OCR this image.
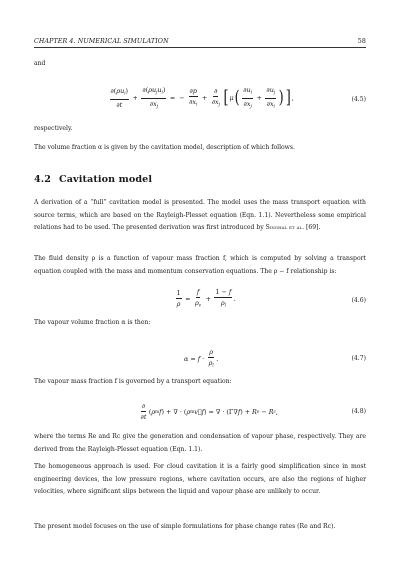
CHAPTER 4. NUMERICAL SIMULATION	58
and
$\frac{\partial(\rho u_i)}{\partial t} + \frac{\partial(\rho u_ju_i)}{\partial x_j}$ = − $\frac{\partial p}{\partial x_i} + \frac{\partial}{\partial x_j}$ [ μ ( $\frac{\partial u_i}{\partial x_j} + \frac{\partial u_j}{\partial x_i}$ ) ] ,	(4.5)
respectively.
The volume fraction α is given by the cavitation model, description of which follows.
4.2 Cavitation model
A derivation of a “full” cavitation model is presented. The model uses the mass transport equation with source terms, which are based on the Rayleigh-Plesset equation (Eqn. 1.1). Nevertheless some empirical relations had to be used. The presented derivation was first introduced by Singhal et al. [69].
The fluid density ρ is a function of vapour mass fraction f, which is computed by solving a transport equation coupled with the mass and momentum conservation equations. The ρ − f relationship is:
$\frac{1}{\rho} = \frac{f}{\rho_v} + \frac{1 - f}{\rho_l}$ .	(4.6)
The vapour volume fraction α is then:
$\alpha = f \cdot \frac{\rho}{\rho_l}$ .	(4.7)
The vapour mass fraction f is governed by a transport equation:
$\frac{\partial}{\partial t}$ ( ρ m f ) + ∇ · ( ρ m v⃗f ) = ∇ · (Γ∇ f ) + R e − R c ,	(4.8)
where the terms Re and Rc give the generation and condensation of vapour phase, respectively. They are derived from the Rayleigh-Plesset equation (Eqn. 1.1).
The homogeneous approach is used. For cloud cavitation it is a fairly good simplification since in most engineering devices, the low pressure regions, where cavitation occurs, are also the regions of higher velocities, where significant slips between the liquid and vapour phase are unlikely to occur.
The present model focuses on the use of simple formulations for phase change rates (Re and Rc).
